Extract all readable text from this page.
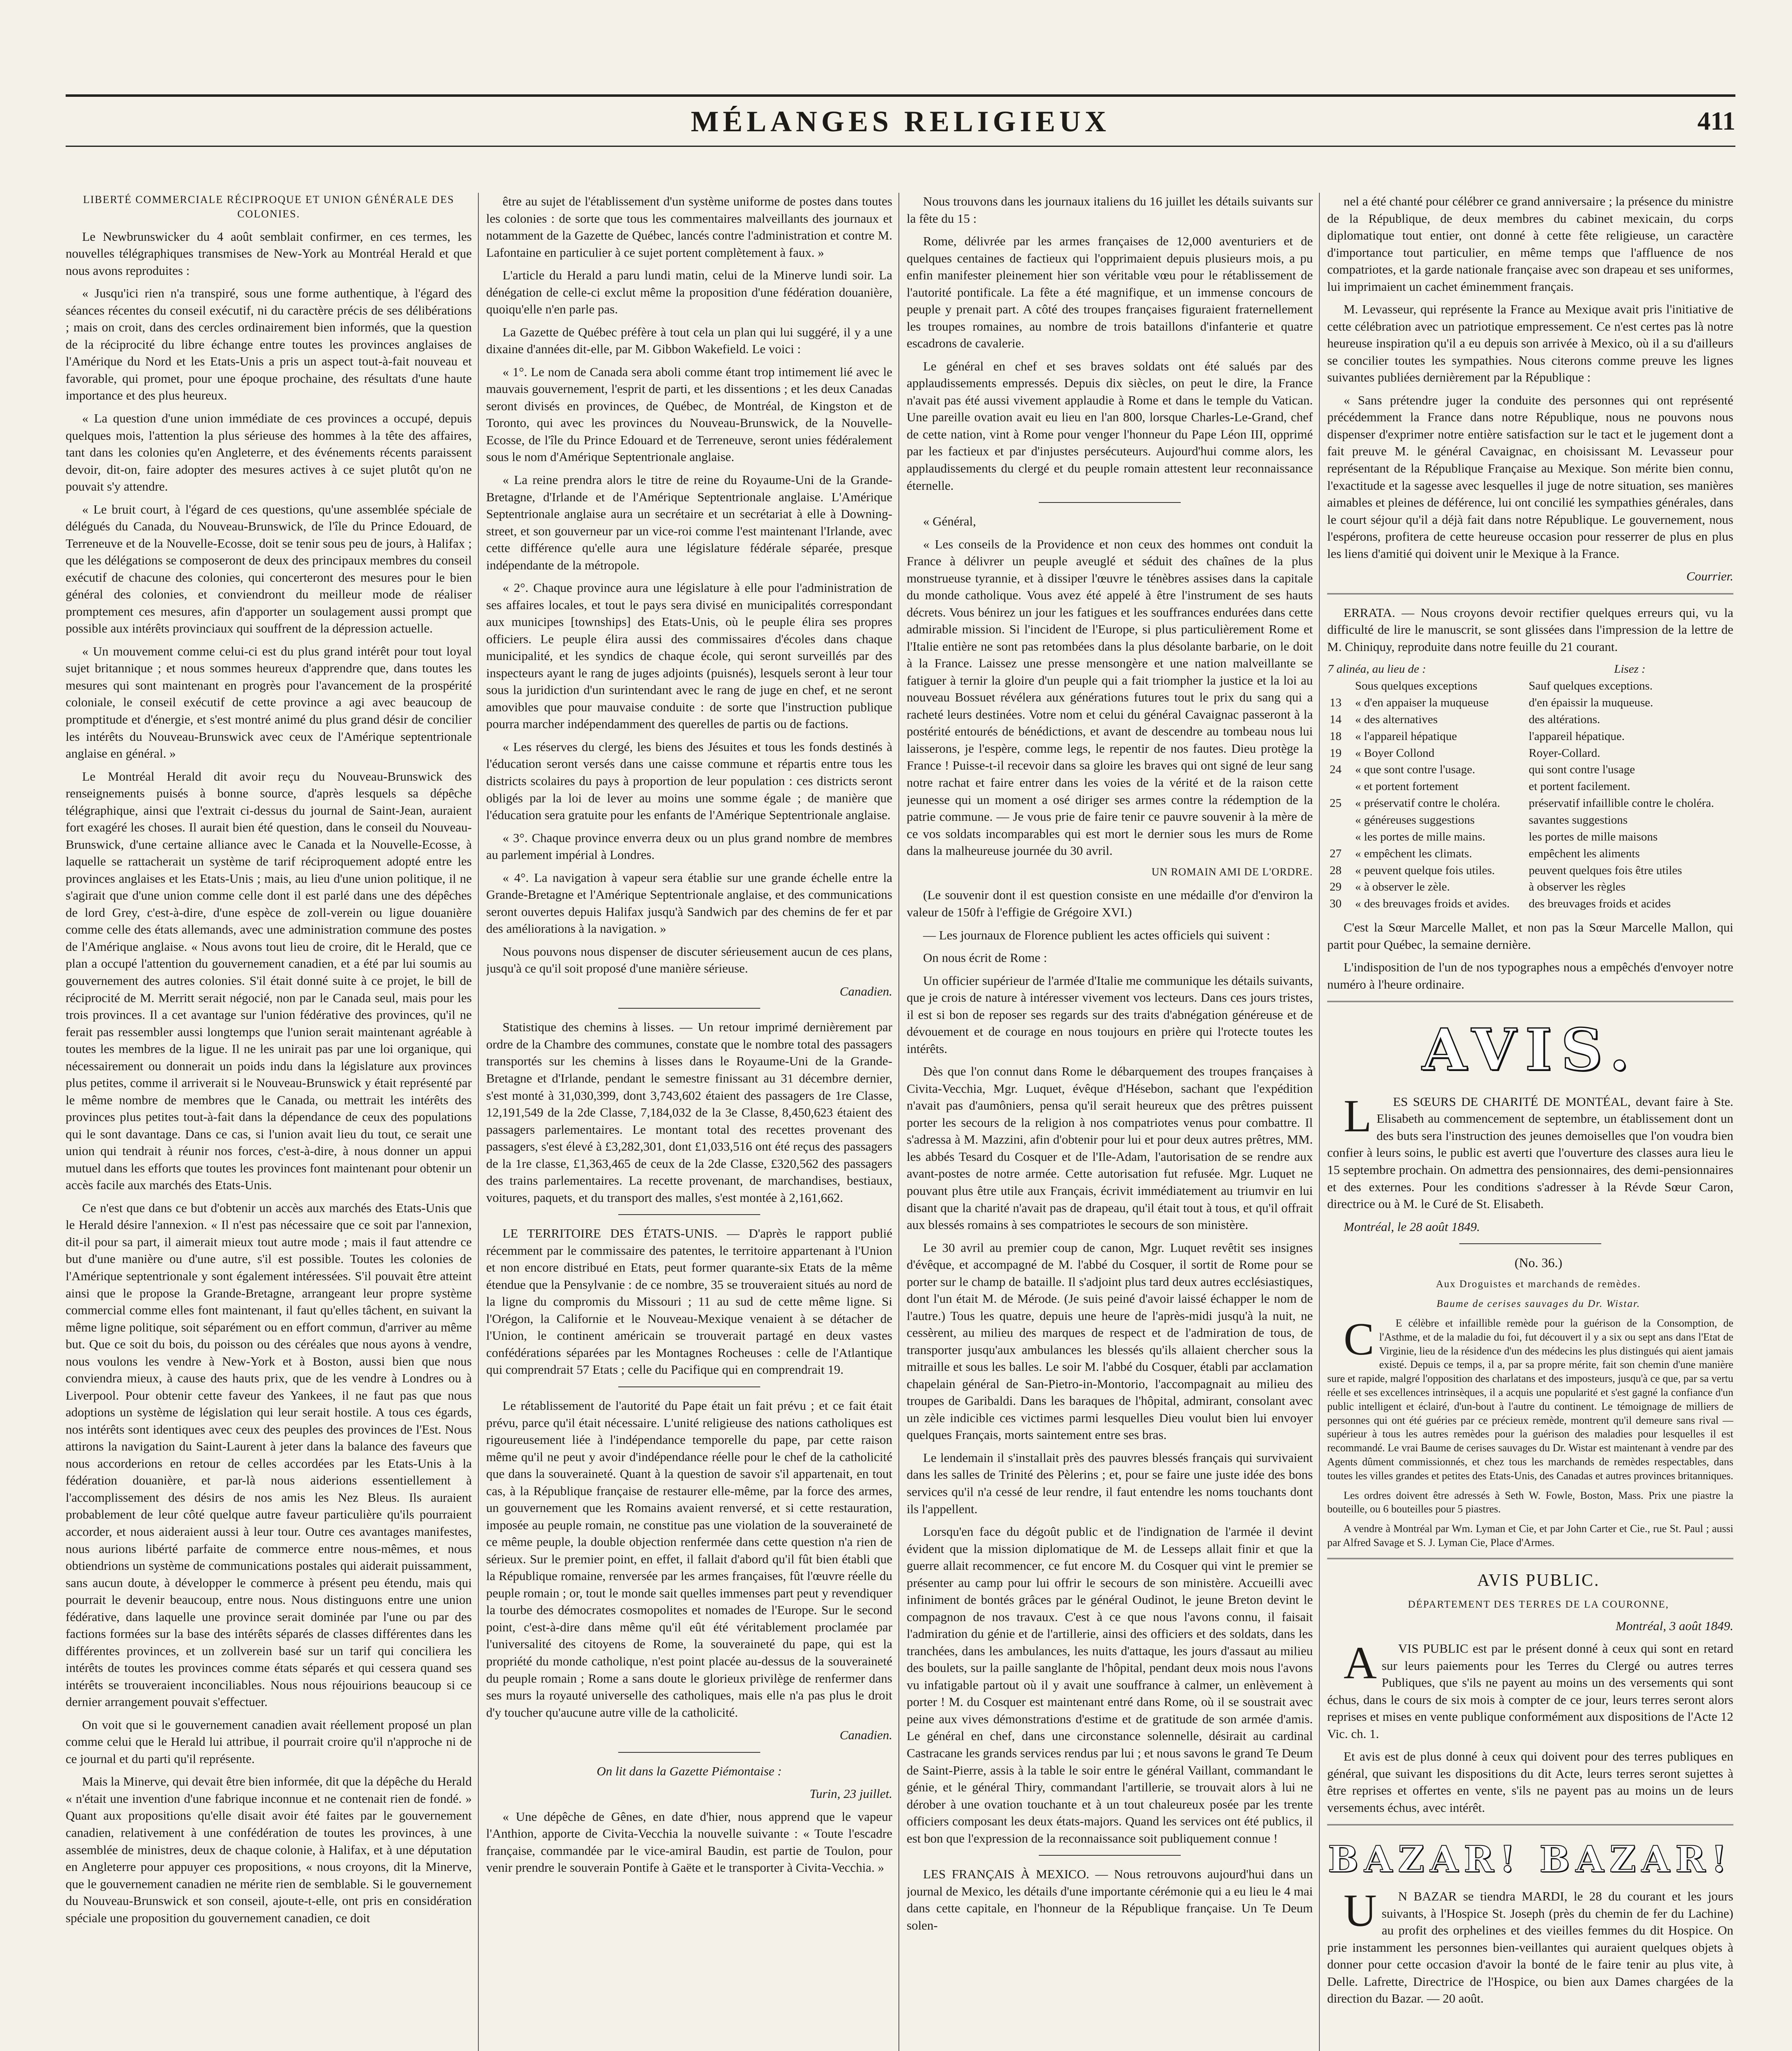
MÉLANGES RELIGIEUX	411

LIBERTÉ COMMERCIALE RÉCIPROQUE ET UNION GÉNÉRALE DES COLONIES.

Le Newbrunswicker du 4 août semblait confirmer, en ces termes, les nouvelles télégraphiques transmises de New-York au Montréal Herald et que nous avons reproduites :

« Jusqu'ici rien n'a transpiré, sous une forme authentique, à l'égard des séances récentes du conseil exécutif, ni du caractère précis de ses délibérations ; mais on croit, dans des cercles ordinairement bien informés, que la question de la réciprocité du libre échange entre toutes les provinces anglaises de l'Amérique du Nord et les Etats-Unis a pris un aspect tout-à-fait nouveau et favorable, qui promet, pour une époque prochaine, des résultats d'une haute importance et des plus heureux.

« La question d'une union immédiate de ces provinces a occupé, depuis quelques mois, l'attention la plus sérieuse des hommes à la tête des affaires, tant dans les colonies qu'en Angleterre, et des événements récents paraissent devoir, dit-on, faire adopter des mesures actives à ce sujet plutôt qu'on ne pouvait s'y attendre.

« Le bruit court, à l'égard de ces questions, qu'une assemblée spéciale de délégués du Canada, du Nouveau-Brunswick, de l'île du Prince Edouard, de Terreneuve et de la Nouvelle-Ecosse, doit se tenir sous peu de jours, à Halifax ; que les délégations se composeront de deux des principaux membres du conseil exécutif de chacune des colonies, qui concerteront des mesures pour le bien général des colonies, et conviendront du meilleur mode de réaliser promptement ces mesures, afin d'apporter un soulagement aussi prompt que possible aux intérêts provinciaux qui souffrent de la dépression actuelle.

« Un mouvement comme celui-ci est du plus grand intérêt pour tout loyal sujet britannique ; et nous sommes heureux d'apprendre que, dans toutes les mesures qui sont maintenant en progrès pour l'avancement de la prospérité coloniale, le conseil exécutif de cette province a agi avec beaucoup de promptitude et d'énergie, et s'est montré animé du plus grand désir de concilier les intérêts du Nouveau-Brunswick avec ceux de l'Amérique septentrionale anglaise en général. »

Le Montréal Herald dit avoir reçu du Nouveau-Brunswick des renseignements puisés à bonne source, d'après lesquels sa dépêche télégraphique, ainsi que l'extrait ci-dessus du journal de Saint-Jean, auraient fort exagéré les choses. Il aurait bien été question, dans le conseil du Nouveau-Brunswick, d'une certaine alliance avec le Canada et la Nouvelle-Ecosse, à laquelle se rattacherait un système de tarif réciproquement adopté entre les provinces anglaises et les Etats-Unis ; mais, au lieu d'une union politique, il ne s'agirait que d'une union comme celle dont il est parlé dans une des dépêches de lord Grey, c'est-à-dire, d'une espèce de zoll-verein ou ligue douanière comme celle des états allemands, avec une administration commune des postes de l'Amérique anglaise. « Nous avons tout lieu de croire, dit le Herald, que ce plan a occupé l'attention du gouvernement canadien, et a été par lui soumis au gouvernement des autres colonies. S'il était donné suite à ce projet, le bill de réciprocité de M. Merritt serait négocié, non par le Canada seul, mais pour les trois provinces. Il a cet avantage sur l'union fédérative des provinces, qu'il ne ferait pas ressembler aussi longtemps que l'union serait maintenant agréable à toutes les membres de la ligue. Il ne les unirait pas par une loi organique, qui nécessairement ou donnerait un poids indu dans la législature aux provinces plus petites, comme il arriverait si le Nouveau-Brunswick y était représenté par le même nombre de membres que le Canada, ou mettrait les intérêts des provinces plus petites tout-à-fait dans la dépendance de ceux des populations qui le sont davantage. Dans ce cas, si l'union avait lieu du tout, ce serait une union qui tendrait à réunir nos forces, c'est-à-dire, à nous donner un appui mutuel dans les efforts que toutes les provinces font maintenant pour obtenir un accès facile aux marchés des Etats-Unis.

Ce n'est que dans ce but d'obtenir un accès aux marchés des Etats-Unis que le Herald désire l'annexion. « Il n'est pas nécessaire que ce soit par l'annexion, dit-il pour sa part, il aimerait mieux tout autre mode ; mais il faut attendre ce but d'une manière ou d'une autre, s'il est possible. Toutes les colonies de l'Amérique septentrionale y sont également intéressées. S'il pouvait être atteint ainsi que le propose la Grande-Bretagne, arrangeant leur propre système commercial comme elles font maintenant, il faut qu'elles tâchent, en suivant la même ligne politique, soit séparément ou en effort commun, d'arriver au même but. Que ce soit du bois, du poisson ou des céréales que nous ayons à vendre, nous voulons les vendre à New-York et à Boston, aussi bien que nous conviendra mieux, à cause des hauts prix, que de les vendre à Londres ou à Liverpool. Pour obtenir cette faveur des Yankees, il ne faut pas que nous adoptions un système de législation qui leur serait hostile. A tous ces égards, nos intérêts sont identiques avec ceux des peuples des provinces de l'Est. Nous attirons la navigation du Saint-Laurent à jeter dans la balance des faveurs que nous accorderions en retour de celles accordées par les Etats-Unis à la fédération douanière, et par-là nous aiderions essentiellement à l'accomplissement des désirs de nos amis les Nez Bleus. Ils auraient probablement de leur côté quelque autre faveur particulière qu'ils pourraient accorder, et nous aideraient aussi à leur tour. Outre ces avantages manifestes, nous aurions libérté parfaite de commerce entre nous-mêmes, et nous obtiendrions un système de communications postales qui aiderait puissamment, sans aucun doute, à développer le commerce à présent peu étendu, mais qui pourrait le devenir beaucoup, entre nous. Nous distinguons entre une union fédérative, dans laquelle une province serait dominée par l'une ou par des factions formées sur la base des intérêts séparés de classes différentes dans les différentes provinces, et un zollverein basé sur un tarif qui conciliera les intérêts de toutes les provinces comme états séparés et qui cessera quand ses intérêts se trouveraient inconciliables. Nous nous réjouirions beaucoup si ce dernier arrangement pouvait s'effectuer.

On voit que si le gouvernement canadien avait réellement proposé un plan comme celui que le Herald lui attribue, il pourrait croire qu'il n'approche ni de ce journal et du parti qu'il représente.

Mais la Minerve, qui devait être bien informée, dit que la dépêche du Herald « n'était une invention d'une fabrique inconnue et ne contenait rien de fondé. » Quant aux propositions qu'elle disait avoir été faites par le gouvernement canadien, relativement à une confédération de toutes les provinces, à une assemblée de ministres, deux de chaque colonie, à Halifax, et à une députation en Angleterre pour appuyer ces propositions, « nous croyons, dit la Minerve, que le gouvernement canadien ne mérite rien de semblable. Si le gouvernement du Nouveau-Brunswick et son conseil, ajoute-t-elle, ont pris en considération spéciale une proposition du gouvernement canadien, ce doit

être au sujet de l'établissement d'un système uniforme de postes dans toutes les colonies : de sorte que tous les commentaires malveillants des journaux et notamment de la Gazette de Québec, lancés contre l'administration et contre M. Lafontaine en particulier à ce sujet portent complètement à faux. »

L'article du Herald a paru lundi matin, celui de la Minerve lundi soir. La dénégation de celle-ci exclut même la proposition d'une fédération douanière, quoiqu'elle n'en parle pas.

La Gazette de Québec préfère à tout cela un plan qui lui suggéré, il y a une dixaine d'années dit-elle, par M. Gibbon Wakefield. Le voici :

« 1°. Le nom de Canada sera aboli comme étant trop intimement lié avec le mauvais gouvernement, l'esprit de parti, et les dissentions ; et les deux Canadas seront divisés en provinces, de Québec, de Montréal, de Kingston et de Toronto, qui avec les provinces du Nouveau-Brunswick, de la Nouvelle-Ecosse, de l'île du Prince Edouard et de Terreneuve, seront unies fédéralement sous le nom d'Amérique Septentrionale anglaise.

« La reine prendra alors le titre de reine du Royaume-Uni de la Grande-Bretagne, d'Irlande et de l'Amérique Septentrionale anglaise. L'Amérique Septentrionale anglaise aura un secrétaire et un secrétariat à elle à Downing-street, et son gouverneur par un vice-roi comme l'est maintenant l'Irlande, avec cette différence qu'elle aura une législature fédérale séparée, presque indépendante de la métropole.

« 2°. Chaque province aura une législature à elle pour l'administration de ses affaires locales, et tout le pays sera divisé en municipalités correspondant aux municipes [townships] des Etats-Unis, où le peuple élira ses propres officiers. Le peuple élira aussi des commissaires d'écoles dans chaque municipalité, et les syndics de chaque école, qui seront surveillés par des inspecteurs ayant le rang de juges adjoints (puisnés), lesquels seront à leur tour sous la juridiction d'un surintendant avec le rang de juge en chef, et ne seront amovibles que pour mauvaise conduite : de sorte que l'instruction publique pourra marcher indépendamment des querelles de partis ou de factions.

« Les réserves du clergé, les biens des Jésuites et tous les fonds destinés à l'éducation seront versés dans une caisse commune et répartis entre tous les districts scolaires du pays à proportion de leur population : ces districts seront obligés par la loi de lever au moins une somme égale ; de manière que l'éducation sera gratuite pour les enfants de l'Amérique Septentrionale anglaise.

« 3°. Chaque province enverra deux ou un plus grand nombre de membres au parlement impérial à Londres.

« 4°. La navigation à vapeur sera établie sur une grande échelle entre la Grande-Bretagne et l'Amérique Septentrionale anglaise, et des communications seront ouvertes depuis Halifax jusqu'à Sandwich par des chemins de fer et par des améliorations à la navigation. »

Nous pouvons nous dispenser de discuter sérieusement aucun de ces plans, jusqu'à ce qu'il soit proposé d'une manière sérieuse.

Canadien.

Statistique des chemins à lisses. — Un retour imprimé dernièrement par ordre de la Chambre des communes, constate que le nombre total des passagers transportés sur les chemins à lisses dans le Royaume-Uni de la Grande-Bretagne et d'Irlande, pendant le semestre finissant au 31 décembre dernier, s'est monté à 31,030,399, dont 3,743,602 étaient des passagers de 1re Classe, 12,191,549 de la 2de Classe, 7,184,032 de la 3e Classe, 8,450,623 étaient des passagers parlementaires. Le montant total des recettes provenant des passagers, s'est élevé à £3,282,301, dont £1,033,516 ont été reçus des passagers de la 1re classe, £1,363,465 de ceux de la 2de Classe, £320,562 des passagers des trains parlementaires. La recette provenant, de marchandises, bestiaux, voitures, paquets, et du transport des malles, s'est montée à 2,161,662.

LE TERRITOIRE DES ÉTATS-UNIS. — D'après le rapport publié récemment par le commissaire des patentes, le territoire appartenant à l'Union et non encore distribué en Etats, peut former quarante-six Etats de la même étendue que la Pensylvanie : de ce nombre, 35 se trouveraient situés au nord de la ligne du compromis du Missouri ; 11 au sud de cette même ligne. Si l'Orégon, la Californie et le Nouveau-Mexique venaient à se détacher de l'Union, le continent américain se trouverait partagé en deux vastes confédérations séparées par les Montagnes Rocheuses : celle de l'Atlantique qui comprendrait 57 Etats ; celle du Pacifique qui en comprendrait 19.

Le rétablissement de l'autorité du Pape était un fait prévu ; et ce fait était prévu, parce qu'il était nécessaire. L'unité religieuse des nations catholiques est rigoureusement liée à l'indépendance temporelle du pape, par cette raison même qu'il ne peut y avoir d'indépendance réelle pour le chef de la catholicité que dans la souveraineté. Quant à la question de savoir s'il appartenait, en tout cas, à la République française de restaurer elle-même, par la force des armes, un gouvernement que les Romains avaient renversé, et si cette restauration, imposée au peuple romain, ne constitue pas une violation de la souveraineté de ce même peuple, la double objection renfermée dans cette question n'a rien de sérieux. Sur le premier point, en effet, il fallait d'abord qu'il fût bien établi que la République romaine, renversée par les armes françaises, fût l'œuvre réelle du peuple romain ; or, tout le monde sait quelles immenses part peut y revendiquer la tourbe des démocrates cosmopolites et nomades de l'Europe. Sur le second point, c'est-à-dire dans même qu'il eût été véritablement proclamée par l'universalité des citoyens de Rome, la souveraineté du pape, qui est la propriété du monde catholique, n'est point placée au-dessus de la souveraineté du peuple romain ; Rome a sans doute le glorieux privilège de renfermer dans ses murs la royauté universelle des catholiques, mais elle n'a pas plus le droit d'y toucher qu'aucune autre ville de la catholicité.

Canadien.

On lit dans la Gazette Piémontaise :

Turin, 23 juillet.

« Une dépêche de Gênes, en date d'hier, nous apprend que le vapeur l'Anthion, apporte de Civita-Vecchia la nouvelle suivante : « Toute l'escadre française, commandée par le vice-amiral Baudin, est partie de Toulon, pour venir prendre le souverain Pontife à Gaëte et le transporter à Civita-Vecchia. »

Nous trouvons dans les journaux italiens du 16 juillet les détails suivants sur la fête du 15 :

Rome, délivrée par les armes françaises de 12,000 aventuriers et de quelques centaines de factieux qui l'opprimaient depuis plusieurs mois, a pu enfin manifester pleinement hier son véritable vœu pour le rétablissement de l'autorité pontificale. La fête a été magnifique, et un immense concours de peuple y prenait part. A côté des troupes françaises figuraient fraternellement les troupes romaines, au nombre de trois bataillons d'infanterie et quatre escadrons de cavalerie.

Le général en chef et ses braves soldats ont été salués par des applaudissements empressés. Depuis dix siècles, on peut le dire, la France n'avait pas été aussi vivement applaudie à Rome et dans le temple du Vatican. Une pareille ovation avait eu lieu en l'an 800, lorsque Charles-Le-Grand, chef de cette nation, vint à Rome pour venger l'honneur du Pape Léon III, opprimé par les factieux et par d'injustes persécuteurs. Aujourd'hui comme alors, les applaudissements du clergé et du peuple romain attestent leur reconnaissance éternelle.

« Général,

« Les conseils de la Providence et non ceux des hommes ont conduit la France à délivrer un peuple aveuglé et séduit des chaînes de la plus monstrueuse tyrannie, et à dissiper l'œuvre le ténèbres assises dans la capitale du monde catholique. Vous avez été appelé à être l'instrument de ses hauts décrets. Vous bénirez un jour les fatigues et les souffrances endurées dans cette admirable mission. Si l'incident de l'Europe, si plus particulièrement Rome et l'Italie entière ne sont pas retombées dans la plus désolante barbarie, on le doit à la France. Laissez une presse mensongère et une nation malveillante se fatiguer à ternir la gloire d'un peuple qui a fait triompher la justice et la loi au nouveau Bossuet révélera aux générations futures tout le prix du sang qui a racheté leurs destinées. Votre nom et celui du général Cavaignac passeront à la postérité entourés de bénédictions, et avant de descendre au tombeau nous lui laisserons, je l'espère, comme legs, le repentir de nos fautes. Dieu protège la France ! Puisse-t-il recevoir dans sa gloire les braves qui ont signé de leur sang notre rachat et faire entrer dans les voies de la vérité et de la raison cette jeunesse qui un moment a osé diriger ses armes contre la rédemption de la patrie commune. — Je vous prie de faire tenir ce pauvre souvenir à la mère de ce vos soldats incomparables qui est mort le dernier sous les murs de Rome dans la malheureuse journée du 30 avril.

UN ROMAIN AMI DE L'ORDRE.

(Le souvenir dont il est question consiste en une médaille d'or d'environ la valeur de 150fr à l'effigie de Grégoire XVI.)

— Les journaux de Florence publient les actes officiels qui suivent :

On nous écrit de Rome :

Un officier supérieur de l'armée d'Italie me communique les détails suivants, que je crois de nature à intéresser vivement vos lecteurs. Dans ces jours tristes, il est si bon de reposer ses regards sur des traits d'abnégation généreuse et de dévouement et de courage en nous toujours en prière qui l'rotecte toutes les intérêts.

Dès que l'on connut dans Rome le débarquement des troupes françaises à Civita-Vecchia, Mgr. Luquet, évêque d'Hésebon, sachant que l'expédition n'avait pas d'aumôniers, pensa qu'il serait heureux que des prêtres puissent porter les secours de la religion à nos compatriotes venus pour combattre. Il s'adressa à M. Mazzini, afin d'obtenir pour lui et pour deux autres prêtres, MM. les abbés Tesard du Cosquer et de l'Ile-Adam, l'autorisation de se rendre aux avant-postes de notre armée. Cette autorisation fut refusée. Mgr. Luquet ne pouvant plus être utile aux Français, écrivit immédiatement au triumvir en lui disant que la charité n'avait pas de drapeau, qu'il était tout à tous, et qu'il offrait aux blessés romains à ses compatriotes le secours de son ministère.

Le 30 avril au premier coup de canon, Mgr. Luquet revêtit ses insignes d'évêque, et accompagné de M. l'abbé du Cosquer, il sortit de Rome pour se porter sur le champ de bataille. Il s'adjoint plus tard deux autres ecclésiastiques, dont l'un était M. de Mérode. (Je suis peiné d'avoir laissé échapper le nom de l'autre.) Tous les quatre, depuis une heure de l'après-midi jusqu'à la nuit, ne cessèrent, au milieu des marques de respect et de l'admiration de tous, de transporter jusqu'aux ambulances les blessés qu'ils allaient chercher sous la mitraille et sous les balles. Le soir M. l'abbé du Cosquer, établi par acclamation chapelain général de San-Pietro-in-Montorio, l'accompagnait au milieu des troupes de Garibaldi. Dans les baraques de l'hôpital, admirant, consolant avec un zèle indicible ces victimes parmi lesquelles Dieu voulut bien lui envoyer quelques Français, morts saintement entre ses bras.

Le lendemain il s'installait près des pauvres blessés français qui survivaient dans les salles de Trinité des Pèlerins ; et, pour se faire une juste idée des bons services qu'il n'a cessé de leur rendre, il faut entendre les noms touchants dont ils l'appellent.

Lorsqu'en face du dégoût public et de l'indignation de l'armée il devint évident que la mission diplomatique de M. de Lesseps allait finir et que la guerre allait recommencer, ce fut encore M. du Cosquer qui vint le premier se présenter au camp pour lui offrir le secours de son ministère. Accueilli avec infiniment de bontés grâces par le général Oudinot, le jeune Breton devint le compagnon de nos travaux. C'est à ce que nous l'avons connu, il faisait l'admiration du génie et de l'artillerie, ainsi des officiers et des soldats, dans les tranchées, dans les ambulances, les nuits d'attaque, les jours d'assaut au milieu des boulets, sur la paille sanglante de l'hôpital, pendant deux mois nous l'avons vu infatigable partout où il y avait une souffrance à calmer, un enlèvement à porter ! M. du Cosquer est maintenant entré dans Rome, où il se soustrait avec peine aux vives démonstrations d'estime et de gratitude de son armée d'amis. Le général en chef, dans une circonstance solennelle, désirait au cardinal Castracane les grands services rendus par lui ; et nous savons le grand Te Deum de Saint-Pierre, assis à la table le soir entre le général Vaillant, commandant le génie, et le général Thiry, commandant l'artillerie, se trouvait alors à lui ne dérober à une ovation touchante et à un tout chaleureux posée par les trente officiers composant les deux états-majors. Quand les services ont été publics, il est bon que l'expression de la reconnaissance soit publiquement connue !

LES FRANÇAIS À MEXICO. — Nous retrouvons aujourd'hui dans un journal de Mexico, les détails d'une importante cérémonie qui a eu lieu le 4 mai dans cette capitale, en l'honneur de la République française. Un Te Deum solen-

nel a été chanté pour célébrer ce grand anniversaire ; la présence du ministre de la République, de deux membres du cabinet mexicain, du corps diplomatique tout entier, ont donné à cette fête religieuse, un caractère d'importance tout particulier, en même temps que l'affluence de nos compatriotes, et la garde nationale française avec son drapeau et ses uniformes, lui imprimaient un cachet éminemment français.

M. Levasseur, qui représente la France au Mexique avait pris l'initiative de cette célébration avec un patriotique empressement. Ce n'est certes pas là notre heureuse inspiration qu'il a eu depuis son arrivée à Mexico, où il a su d'ailleurs se concilier toutes les sympathies. Nous citerons comme preuve les lignes suivantes publiées dernièrement par la République :

« Sans prétendre juger la conduite des personnes qui ont représenté précédemment la France dans notre République, nous ne pouvons nous dispenser d'exprimer notre entière satisfaction sur le tact et le jugement dont a fait preuve M. le général Cavaignac, en choisissant M. Levasseur pour représentant de la République Française au Mexique. Son mérite bien connu, l'exactitude et la sagesse avec lesquelles il juge de notre situation, ses manières aimables et pleines de déférence, lui ont concilié les sympathies générales, dans le court séjour qu'il a déjà fait dans notre République. Le gouvernement, nous l'espérons, profitera de cette heureuse occasion pour resserrer de plus en plus les liens d'amitié qui doivent unir le Mexique à la France.

Courrier.

ERRATA. — Nous croyons devoir rectifier quelques erreurs qui, vu la difficulté de lire le manuscrit, se sont glissées dans l'impression de la lettre de M. Chiniquy, reproduite dans notre feuille du 21 courant.

7 alinéa, au lieu de :		Lisez :
	Sous quelques exceptions	Sauf quelques exceptions.
13	« d'en appaiser la muqueuse	d'en épaissir la muqueuse.
14	« des alternatives	des altérations.
18	« l'appareil hépatique	l'appareil hépatique.
19	« Boyer Collond	Royer-Collard.
24	« que sont contre l'usage.	qui sont contre l'usage
	« et portent fortement	et portent facilement.
25	« préservatif contre le choléra.	préservatif infaillible contre le choléra.
	« généreuses suggestions	savantes suggestions
	« les portes de mille mains.	les portes de mille maisons
27	« empêchent les climats.	empêchent les aliments
28	« peuvent quelque fois utiles.	peuvent quelques fois être utiles
29	« à observer le zèle.	à observer les règles
30	« des breuvages froids et avides.	des breuvages froids et acides

C'est la Sœur Marcelle Mallet, et non pas la Sœur Marcelle Mallon, qui partit pour Québec, la semaine dernière.

L'indisposition de l'un de nos typographes nous a empêchés d'envoyer notre numéro à l'heure ordinaire.

AVIS.

L ES SŒURS DE CHARITÉ DE MONTÉAL, devant faire à Ste. Elisabeth au commencement de septembre, un établissement dont un des buts sera l'instruction des jeunes demoiselles que l'on voudra bien confier à leurs soins, le public est averti que l'ouverture des classes aura lieu le 15 septembre prochain. On admettra des pensionnaires, des demi-pensionnaires et des externes. Pour les conditions s'adresser à la Révde Sœur Caron, directrice ou à M. le Curé de St. Elisabeth.

Montréal, le 28 août 1849.

(No. 36.)

Aux Droguistes et marchands de remèdes.

Baume de cerises sauvages du Dr. Wistar.

C E célèbre et infaillible remède pour la guérison de la Consomption, de l'Asthme, et de la maladie du foi, fut découvert il y a six ou sept ans dans l'Etat de Virginie, lieu de la résidence d'un des médecins les plus distingués qui aient jamais existé. Depuis ce temps, il a, par sa propre mérite, fait son chemin d'une manière sure et rapide, malgré l'opposition des charlatans et des imposteurs, jusqu'à ce que, par sa vertu réelle et ses excellences intrinsèques, il a acquis une popularité et s'est gagné la confiance d'un public intelligent et éclairé, d'un-bout à l'autre du continent. Le témoignage de milliers de personnes qui ont été guéries par ce précieux remède, montrent qu'il demeure sans rival — supérieur à tous les autres remèdes pour la guérison des maladies pour lesquelles il est recommandé. Le vrai Baume de cerises sauvages du Dr. Wistar est maintenant à vendre par des Agents dûment commissionnés, et chez tous les marchands de remèdes respectables, dans toutes les villes grandes et petites des Etats-Unis, des Canadas et autres provinces britanniques.

Les ordres doivent être adressés à Seth W. Fowle, Boston, Mass. Prix une piastre la bouteille, ou 6 bouteilles pour 5 piastres.

A vendre à Montréal par Wm. Lyman et Cie, et par John Carter et Cie., rue St. Paul ; aussi par Alfred Savage et S. J. Lyman Cie, Place d'Armes.

AVIS PUBLIC.

DÉPARTEMENT DES TERRES DE LA COURONNE,

Montréal, 3 août 1849.

A VIS PUBLIC est par le présent donné à ceux qui sont en retard sur leurs paiements pour les Terres du Clergé ou autres terres Publiques, que s'ils ne payent au moins un des versements qui sont échus, dans le cours de six mois à compter de ce jour, leurs terres seront alors reprises et mises en vente publique conformément aux dispositions de l'Acte 12 Vic. ch. 1.

Et avis est de plus donné à ceux qui doivent pour des terres publiques en général, que suivant les dispositions du dit Acte, leurs terres seront sujettes à être reprises et offertes en vente, s'ils ne payent pas au moins un de leurs versements échus, avec intérêt.

BAZAR! BAZAR!

U N BAZAR se tiendra MARDI, le 28 du courant et les jours suivants, à l'Hospice St. Joseph (près du chemin de fer du Lachine) au profit des orphelines et des vieilles femmes du dit Hospice. On prie instamment les personnes bien-veillantes qui auraient quelques objets à donner pour cette occasion d'avoir la bonté de le faire tenir au plus vite, à Delle. Lafrette, Directrice de l'Hospice, ou bien aux Dames chargées de la direction du Bazar. — 20 août.
